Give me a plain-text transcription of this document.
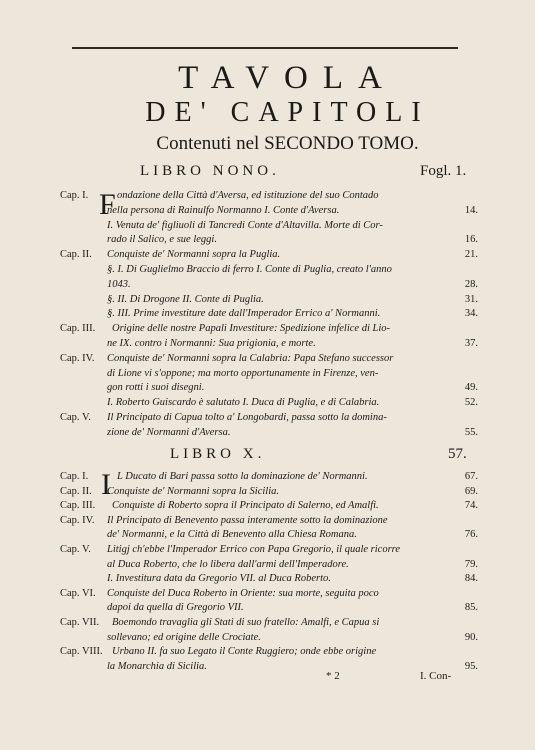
TAVOLA
DE' CAPITOLI
Contenuti nel SECONDO TOMO.
LIBRO NONO.	Fogl. 1.
F
Cap. I.	ondazione della Città d'Aversa, ed istituzione del suo Contado
nella persona di Rainulfo Normanno I. Conte d'Aversa.	14.
I. Venuta de' figliuoli di Tancredi Conte d'Altavilla. Morte di Cor-
rado il Salico, e sue leggi.	16.
Cap. II. Conquiste de' Normanni sopra la Puglia.	21.
§. I. Di Guglielmo Braccio di ferro I. Conte di Puglia, creato l'anno
1043.	28.
§. II. Di Drogone II. Conte di Puglia.	31.
§. III. Prime investiture date dall'Imperador Errico a' Normanni.	34.
Cap. III. Origine delle nostre Papali Investiture: Spedizione infelice di Lio-
ne IX. contro i Normanni: Sua prigionia, e morte.	37.
Cap. IV. Conquiste de' Normanni sopra la Calabria: Papa Stefano successor
di Lione vi s'oppone; ma morto opportunamente in Firenze, ven-
gon rotti i suoi disegni.	49.
I. Roberto Guiscardo è salutato I. Duca di Puglia, e di Calabria.	52.
Cap. V. Il Principato di Capua tolto a' Longobardi, passa sotto la domina-
zione de' Normanni d'Aversa.	55.
LIBRO X.	57.
I
Cap. I.	L Ducato di Bari passa sotto la dominazione de' Normanni.	67.
Cap. II. Conquiste de' Normanni sopra la Sicilia.	69.
Cap. III. Conquiste di Roberto sopra il Principato di Salerno, ed Amalfi.	74.
Cap. IV. Il Principato di Benevento passa interamente sotto la dominazione
de' Normanni, e la Città di Benevento alla Chiesa Romana.	76.
Cap. V. Litigj ch'ebbe l'Imperador Errico con Papa Gregorio, il quale ricorre
al Duca Roberto, che lo libera dall'armi dell'Imperadore.	79.
I. Investitura data da Gregorio VII. al Duca Roberto.	84.
Cap. VI. Conquiste del Duca Roberto in Oriente: sua morte, seguita poco
dapoi da quella di Gregorio VII.	85.
Cap. VII. Boemondo travaglia gli Stati di suo fratello: Amalfi, e Capua si
sollevano; ed origine delle Crociate.	90.
Cap. VIII. Urbano II. fa suo Legato il Conte Ruggiero; onde ebbe origine
la Monarchia di Sicilia.	95.
* 2	I. Con-
